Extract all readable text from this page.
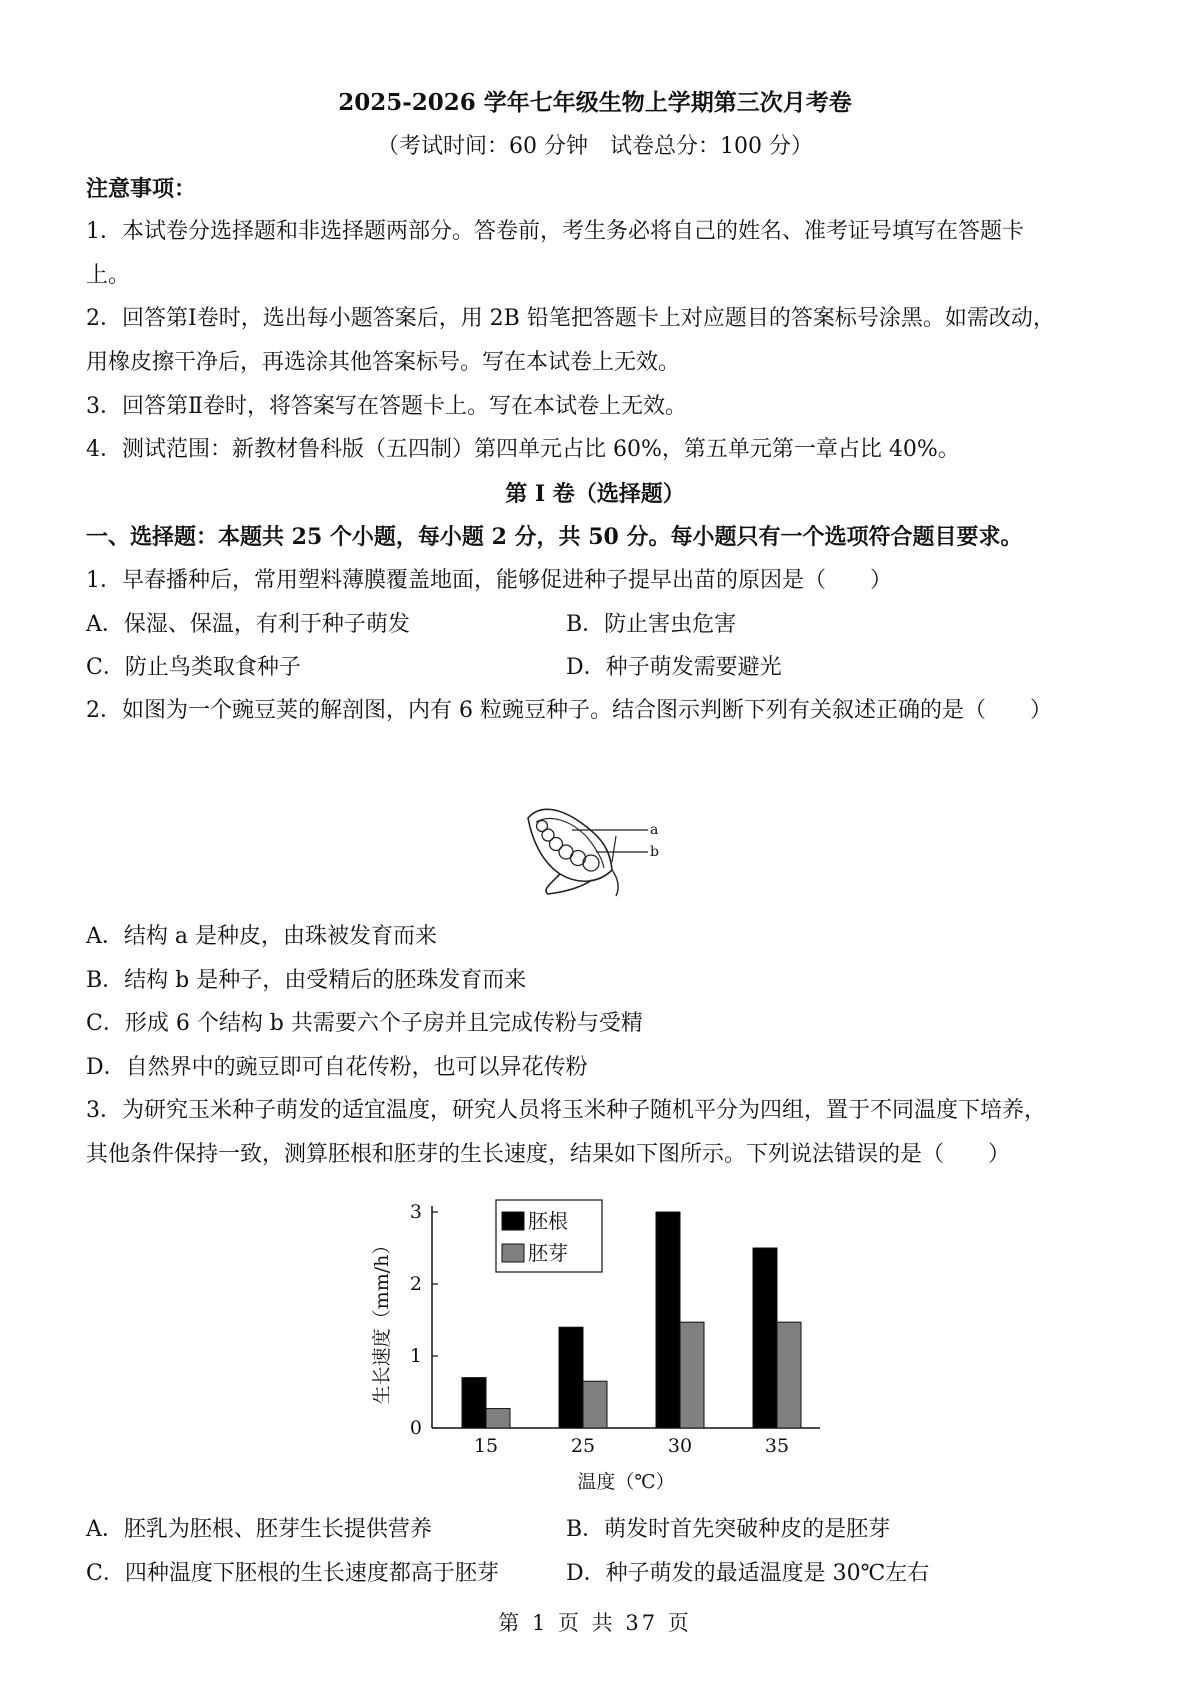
2025-2026 学年七年级生物上学期第三次月考卷
（考试时间：60 分钟　试卷总分：100 分）
注意事项：
1．本试卷分选择题和非选择题两部分。答卷前，考生务必将自己的姓名、准考证号填写在答题卡
上。
2．回答第Ⅰ卷时，选出每小题答案后，用 2B 铅笔把答题卡上对应题目的答案标号涂黑。如需改动，
用橡皮擦干净后，再选涂其他答案标号。写在本试卷上无效。
3．回答第Ⅱ卷时，将答案写在答题卡上。写在本试卷上无效。
4．测试范围：新教材鲁科版（五四制）第四单元占比 60%，第五单元第一章占比 40%。
第 I 卷（选择题）
一、选择题：本题共 25 个小题，每小题 2 分，共 50 分。每小题只有一个选项符合题目要求。
1．早春播种后，常用塑料薄膜覆盖地面，能够促进种子提早出苗的原因是（　　）
A．保湿、保温，有利于种子萌发	B．防止害虫危害
C．防止鸟类取食种子	D．种子萌发需要避光
2．如图为一个豌豆荚的解剖图，内有 6 粒豌豆种子。结合图示判断下列有关叙述正确的是（　　）
a
b
A．结构 a 是种皮，由珠被发育而来
B．结构 b 是种子，由受精后的胚珠发育而来
C．形成 6 个结构 b 共需要六个子房并且完成传粉与受精
D．自然界中的豌豆即可自花传粉，也可以异花传粉
3．为研究玉米种子萌发的适宜温度，研究人员将玉米种子随机平分为四组，置于不同温度下培养，
其他条件保持一致，测算胚根和胚芽的生长速度，结果如下图所示。下列说法错误的是（　　）
0
1
2
3
15	25	30	35
胚根
胚芽
生长速度（mm/h）
温度（℃）
A．胚乳为胚根、胚芽生长提供营养	B．萌发时首先突破种皮的是胚芽
C．四种温度下胚根的生长速度都高于胚芽	D．种子萌发的最适温度是 30℃左右
第 1 页 共 37 页
